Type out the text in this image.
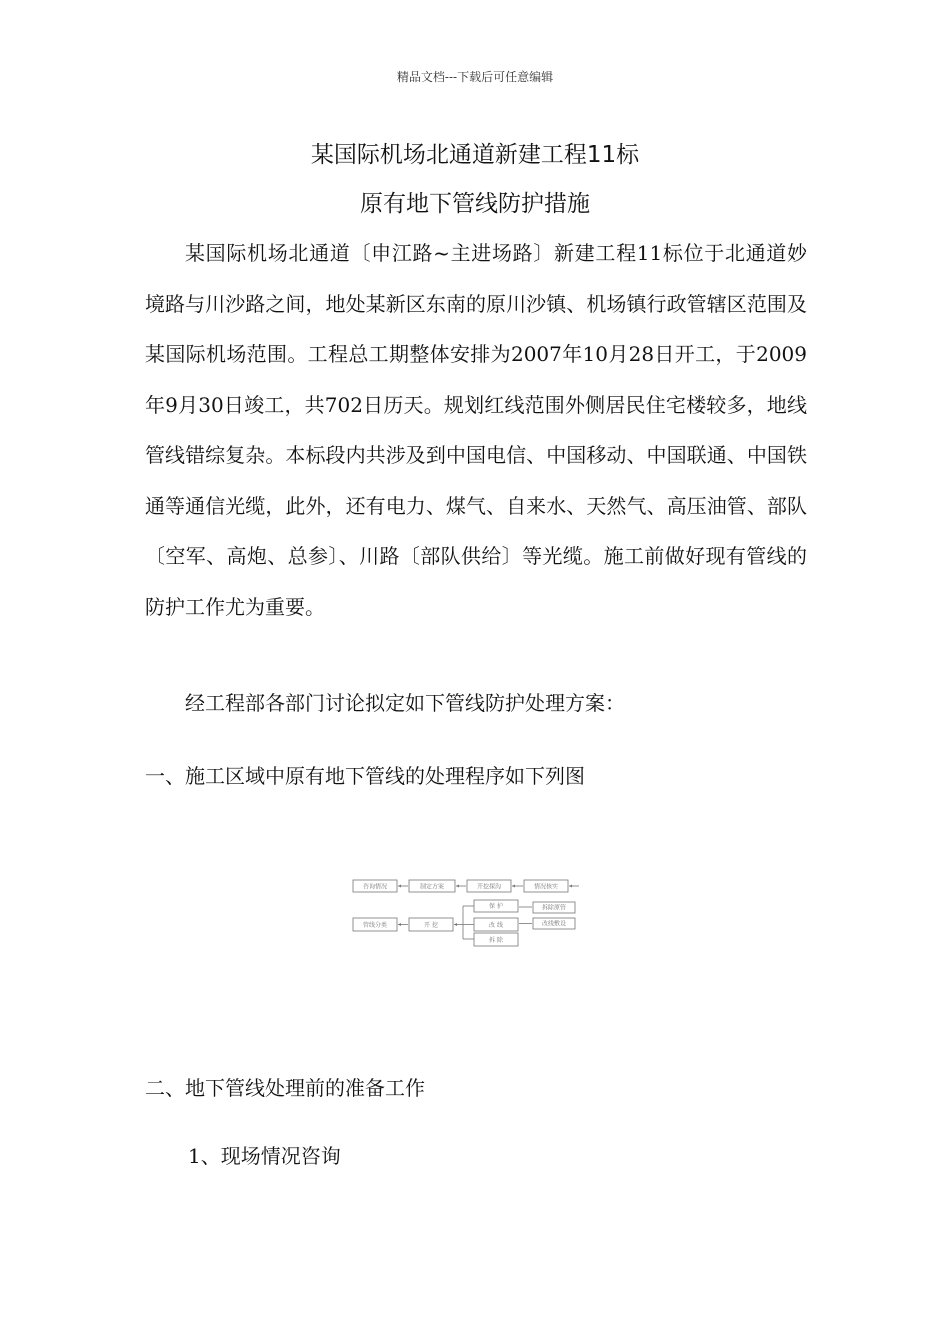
精品文档---下载后可任意编辑
某国际机场北通道新建工程11标
原有地下管线防护措施

某国际机场北通道〔申江路~主进场路〕新建工程11标位于北通道妙境路与川沙路之间，地处某新区东南的原川沙镇、机场镇行政管辖区范围及某国际机场范围。工程总工期整体安排为2007年10月28日开工，于2009年9月30日竣工，共702日历天。规划红线范围外侧居民住宅楼较多，地线管线错综复杂。本标段内共涉及到中国电信、中国移动、中国联通、中国铁通等通信光缆，此外，还有电力、煤气、自来水、天然气、高压油管、部队〔空军、高炮、总参〕、川路〔部队供给〕等光缆。施工前做好现有管线的防护工作尤为重要。

经工程部各部门讨论拟定如下管线防护处理方案：

一、施工区域中原有地下管线的处理程序如下列图
咨询情况	制定方案	开挖探沟	情况核实
管线分类	开 挖
保 护
改 线
拆 除
拆除原管
改线敷设
二、地下管线处理前的准备工作
1、现场情况咨询
